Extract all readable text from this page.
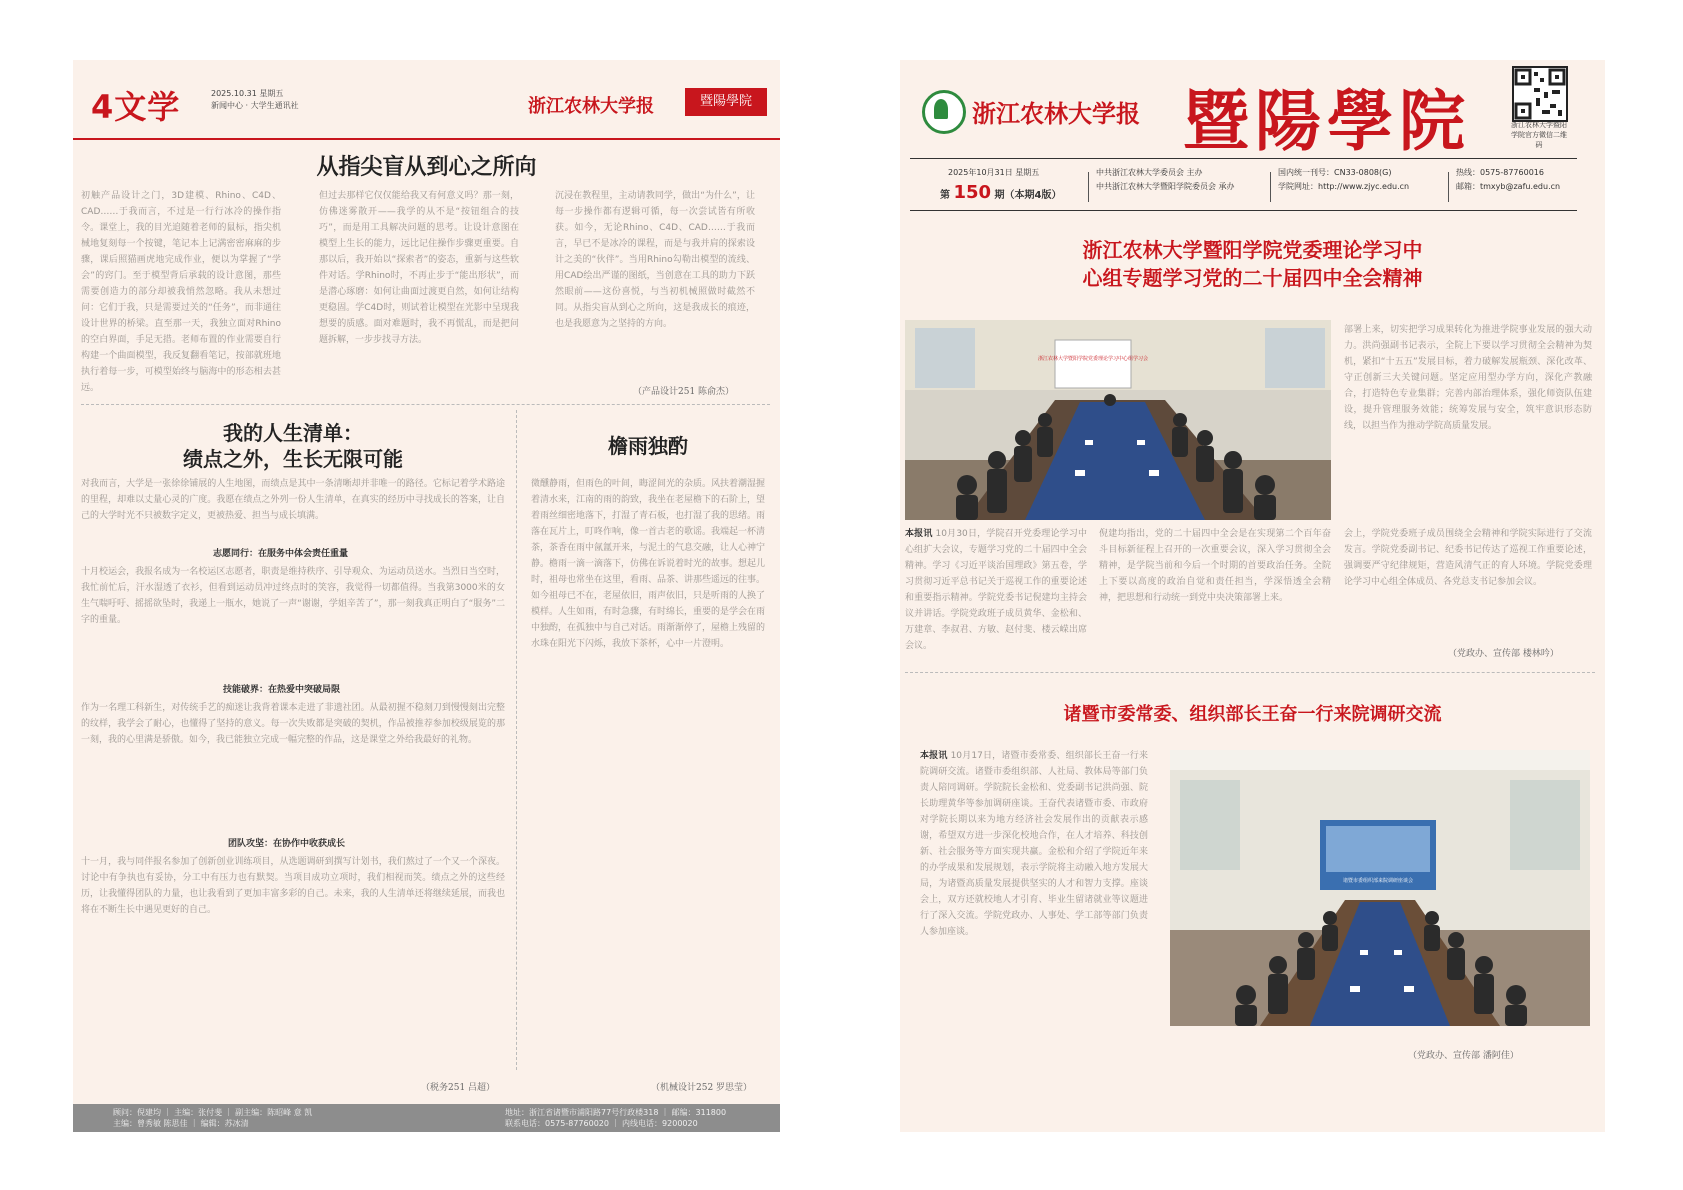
4文学	2025.10.31 星期五
新闻中心 · 大学生通讯社	浙江农林大学报	暨陽學院
从指尖盲从到心之所向
初触产品设计之门，3D建模、Rhino、C4D、CAD……于我而言，不过是一行行冰冷的操作指令。课堂上，我的目光追随着老师的鼠标，指尖机械地复刻每一个按键，笔记本上记满密密麻麻的步骤，课后照猫画虎地完成作业，便以为掌握了“学会”的窍门。至于模型背后承载的设计意图，那些需要创造力的部分却被我悄然忽略。我从未想过问：它们于我，只是需要过关的“任务”，而非通往设计世界的桥梁。直至那一天，我独立面对Rhino的空白界面，手足无措。老师布置的作业需要自行构建一个曲面模型，我反复翻看笔记，按部就班地执行着每一步，可模型始终与脑海中的形态相去甚远。
但过去那样它仅仅能给我又有何意义吗？那一刻，仿佛迷雾散开——我学的从不是“按钮组合的技巧”，而是用工具解决问题的思考。让设计意图在模型上生长的能力，远比记住操作步骤更重要。自那以后，我开始以“探索者”的姿态，重新与这些软件对话。学Rhino时，不再止步于“能出形状”，而是潜心琢磨：如何让曲面过渡更自然，如何让结构更稳固。学C4D时，则试着让模型在光影中呈现我想要的质感。面对难题时，我不再慌乱，而是把问题拆解，一步步找寻方法。
沉浸在教程里，主动请教同学，做出“为什么”，让每一步操作都有逻辑可循，每一次尝试皆有所收获。如今，无论Rhino、C4D、CAD……于我而言，早已不是冰冷的课程，而是与我并肩的探索设计之美的“伙伴”。当用Rhino勾勒出模型的流线、用CAD绘出严谨的图纸，当创意在工具的助力下跃然眼前——这份喜悦，与当初机械照做时截然不同。从指尖盲从到心之所向，这是我成长的痕迹，也是我愿意为之坚持的方向。
（产品设计251 陈俞杰）
我的人生清单：
绩点之外，生长无限可能
对我而言，大学是一张徐徐铺展的人生地图，而绩点是其中一条清晰却并非唯一的路径。它标记着学术路途的里程，却难以丈量心灵的广度。我愿在绩点之外列一份人生清单，在真实的经历中寻找成长的答案，让自己的大学时光不只被数字定义，更被热爱、担当与成长填满。
志愿同行：在服务中体会责任重量
十月校运会，我报名成为一名校运区志愿者，职责是维持秩序、引导观众、为运动员送水。当烈日当空时，我忙前忙后，汗水湿透了衣衫，但看到运动员冲过终点时的笑容，我觉得一切都值得。当我第3000米的女生气喘吁吁、摇摇欲坠时，我递上一瓶水，她说了一声“谢谢，学姐辛苦了”，那一刻我真正明白了“服务”二字的重量。
技能破界：在热爱中突破局限
作为一名理工科新生，对传统手艺的痴迷让我背着课本走进了非遗社团。从最初握不稳刻刀到慢慢刻出完整的纹样，我学会了耐心，也懂得了坚持的意义。每一次失败都是突破的契机，作品被推荐参加校级展览的那一刻，我的心里满是骄傲。如今，我已能独立完成一幅完整的作品，这是课堂之外给我最好的礼物。
团队攻坚：在协作中收获成长
十一月，我与同伴报名参加了创新创业训练项目，从选题调研到撰写计划书，我们熬过了一个又一个深夜。讨论中有争执也有妥协，分工中有压力也有默契。当项目成功立项时，我们相视而笑。绩点之外的这些经历，让我懂得团队的力量，也让我看到了更加丰富多彩的自己。未来，我的人生清单还将继续延展，而我也将在不断生长中遇见更好的自己。
（税务251 吕超）
檐雨独酌
微醺静雨，但雨色的叶间，晦涩间光的杂质。风扶着潮湿握着清水来，江南的雨的韵致，我坐在老屋檐下的石阶上，望着雨丝细密地落下，打湿了青石板，也打湿了我的思绪。雨落在瓦片上，叮咚作响，像一首古老的歌谣。我端起一杯清茶，茶香在雨中氤氲开来，与泥土的气息交融，让人心神宁静。檐雨一滴一滴落下，仿佛在诉说着时光的故事。想起儿时，祖母也常坐在这里，看雨、品茶、讲那些遥远的往事。如今祖母已不在，老屋依旧，雨声依旧，只是听雨的人换了模样。人生如雨，有时急骤，有时绵长，重要的是学会在雨中独酌，在孤独中与自己对话。雨渐渐停了，屋檐上残留的水珠在阳光下闪烁，我放下茶杯，心中一片澄明。
（机械设计252 罗思莹）
顾问：倪建均 ｜ 主编：张付斐 ｜ 副主编：陈昭峰 意 凯
主编：曾秀敏 陈思佳 ｜ 编辑：苏冰清
地址：浙江省诸暨市浦阳路77号行政楼318 ｜ 邮编：311800
联系电话：0575-87760020 ｜ 内线电话：9200020
浙江农林大学报 暨陽學院	浙江农林大学暨阳学院官方微信二维码
2025年10月31日 星期五
第 150 期（本期4版）
中共浙江农林大学委员会 主办
中共浙江农林大学暨阳学院委员会 承办
国内统一刊号：CN33-0808(G)
学院网址：http://www.zjyc.edu.cn
热线：0575-87760016
邮箱：tmxyb@zafu.edu.cn
浙江农林大学暨阳学院党委理论学习中
心组专题学习党的二十届四中全会精神
浙江农林大学暨阳学院党委理论学习中心组学习会
部署上来，切实把学习成果转化为推进学院事业发展的强大动力。洪尚强副书记表示，全院上下要以学习贯彻全会精神为契机，紧扣“十五五”发展目标，着力破解发展瓶颈、深化改革、守正创新三大关键问题。坚定应用型办学方向，深化产教融合，打造特色专业集群；完善内部治理体系，强化师资队伍建设，提升管理服务效能；统筹发展与安全，筑牢意识形态防线，以担当作为推动学院高质量发展。
本报讯 10月30日，学院召开党委理论学习中心组扩大会议，专题学习党的二十届四中全会精神。学习《习近平谈治国理政》第五卷，学习贯彻习近平总书记关于巡视工作的重要论述和重要指示精神。学院党委书记倪建均主持会议并讲话。学院党政班子成员黄华、金松和、万建章、李叔君、方敏、赵付斐、楼云嵘出席会议。
倪建均指出，党的二十届四中全会是在实现第二个百年奋斗目标新征程上召开的一次重要会议，深入学习贯彻全会精神，是学院当前和今后一个时期的首要政治任务。全院上下要以高度的政治自觉和责任担当，学深悟透全会精神，把思想和行动统一到党中央决策部署上来。
会上，学院党委班子成员围绕全会精神和学院实际进行了交流发言。学院党委副书记、纪委书记传达了巡视工作重要论述，强调要严守纪律规矩，营造风清气正的育人环境。学院党委理论学习中心组全体成员、各党总支书记参加会议。
（党政办、宣传部 楼林吟）
诸暨市委常委、组织部长王奋一行来院调研交流
本报讯 10月17日，诸暨市委常委、组织部长王奋一行来院调研交流。诸暨市委组织部、人社局、教体局等部门负责人陪同调研。学院院长金松和、党委副书记洪尚强、院长助理黄华等参加调研座谈。王奋代表诸暨市委、市政府对学院长期以来为地方经济社会发展作出的贡献表示感谢，希望双方进一步深化校地合作，在人才培养、科技创新、社会服务等方面实现共赢。金松和介绍了学院近年来的办学成果和发展规划，表示学院将主动融入地方发展大局，为诸暨高质量发展提供坚实的人才和智力支撑。座谈会上，双方还就校地人才引育、毕业生留诸就业等议题进行了深入交流。学院党政办、人事处、学工部等部门负责人参加座谈。
诸暨市委组织部来院调研座谈会
（党政办、宣传部 潘阿佳）
